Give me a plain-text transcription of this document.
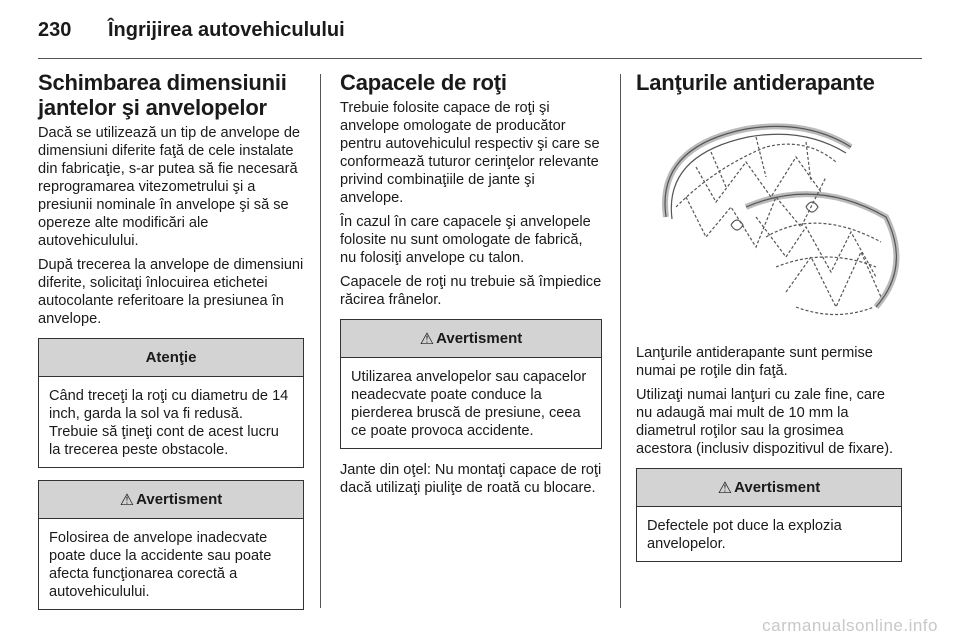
230	Îngrijirea autovehiculului
Schimbarea dimensiunii jantelor şi anvelopelor

Dacă se utilizează un tip de anvelope de dimensiuni diferite faţă de cele instalate din fabricaţie, s-ar putea să fie necesară reprogramarea vitezometrului şi a presiunii nominale în anvelope şi să se opereze alte modificări ale autovehiculului.

După trecerea la anvelope de dimensiuni diferite, solicitaţi înlocuirea etichetei autocolante referitoare la presiunea în anvelope.

Atenţie
Când treceţi la roţi cu diametru de 14 inch, garda la sol va fi redusă. Trebuie să ţineţi cont de acest lucru la trecerea peste obstacole.
⚠ Avertisment
Folosirea de anvelope inadecvate poate duce la accidente sau poate afecta funcţionarea corectă a autovehiculului.
Capacele de roţi

Trebuie folosite capace de roţi şi anvelope omologate de producător pentru autovehiculul respectiv şi care se conformează tuturor cerinţelor relevante privind combinaţiile de jante şi anvelope.

În cazul în care capacele şi anvelopele folosite nu sunt omologate de fabrică, nu folosiţi anvelope cu talon.

Capacele de roţi nu trebuie să împiedice răcirea frânelor.

⚠ Avertisment
Utilizarea anvelopelor sau capacelor neadecvate poate conduce la pierderea bruscă de presiune, ceea ce poate provoca accidente.

Jante din oţel: Nu montaţi capace de roţi dacă utilizaţi piuliţe de roată cu blocare.

Lanţurile antiderapante

Lanţurile antiderapante sunt permise numai pe roţile din faţă.

Utilizaţi numai lanţuri cu zale fine, care nu adaugă mai mult de 10 mm la diametrul roţilor sau la grosimea acestora (inclusiv dispozitivul de fixare).

⚠ Avertisment
Defectele pot duce la explozia anvelopelor.
carmanualsonline.info
